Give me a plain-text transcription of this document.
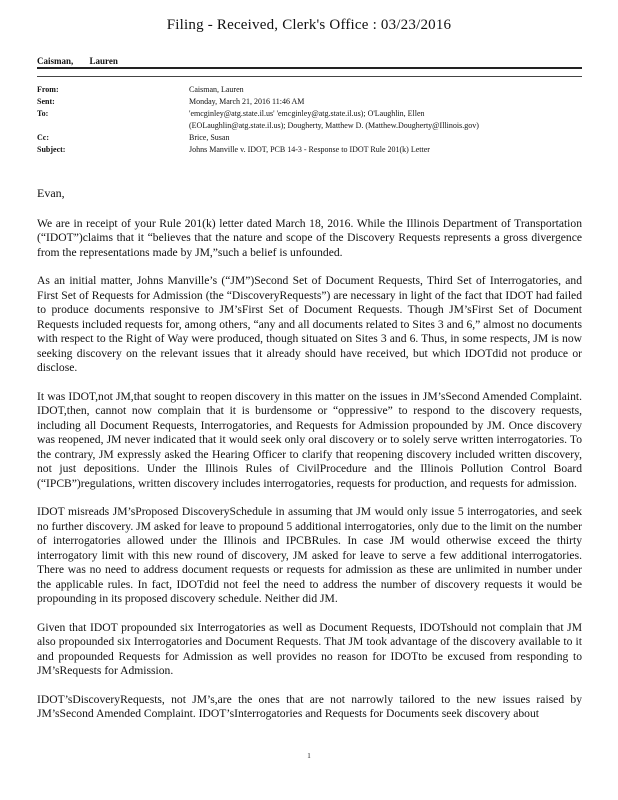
Filing - Received, Clerk's Office : 03/23/2016
Caisman, Lauren
From:	Caisman, Lauren
Sent:	Monday, March 21, 2016 11:46 AM
To:	'emcginley@atg.state.il.us' 'emcginley@atg.state.il.us); O'Laughlin, Ellen
(EOLaughlin@atg.state.il.us); Dougherty, Matthew D. (Matthew.Dougherty@Illinois.gov)
Cc:	Brice, Susan
Subject:	Johns Manville v. IDOT, PCB 14-3 - Response to IDOT Rule 201(k) Letter

Evan,

We are in receipt of your Rule 201(k) letter dated March 18, 2016. While the Illinois Department of Transportation (“IDOT”)claims that it “believes that the nature and scope of the Discovery Requests represents a gross divergence from the representations made by JM,”such a belief is unfounded.

As an initial matter, Johns Manville’s (“JM”)Second Set of Document Requests, Third Set of Interrogatories, and First Set of Requests for Admission (the “DiscoveryRequests”) are necessary in light of the fact that IDOT had failed to produce documents responsive to JM’sFirst Set of Document Requests. Though JM’sFirst Set of Document Requests included requests for, among others, “any and all documents related to Sites 3 and 6,” almost no documents with respect to the Right of Way were produced, though situated on Sites 3 and 6. Thus, in some respects, JM is now seeking discovery on the relevant issues that it already should have received, but which IDOTdid not produce or disclose.

It was IDOT,not JM,that sought to reopen discovery in this matter on the issues in JM’sSecond Amended Complaint. IDOT,then, cannot now complain that it is burdensome or “oppressive” to respond to the discovery requests, including all Document Requests, Interrogatories, and Requests for Admission propounded by JM. Once discovery was reopened, JM never indicated that it would seek only oral discovery or to solely serve written interrogatories. To the contrary, JM expressly asked the Hearing Officer to clarify that reopening discovery included written discovery, not just depositions. Under the Illinois Rules of CivilProcedure and the Illinois Pollution Control Board (“IPCB”)regulations, written discovery includes interrogatories, requests for production, and requests for admission.

IDOT misreads JM’sProposed DiscoverySchedule in assuming that JM would only issue 5 interrogatories, and seek no further discovery. JM asked for leave to propound 5 additional interrogatories, only due to the limit on the number of interrogatories allowed under the Illinois and IPCBRules. In case JM would otherwise exceed the thirty interrogatory limit with this new round of discovery, JM asked for leave to serve a few additional interrogatories. There was no need to address document requests or requests for admission as these are unlimited in number under the applicable rules. In fact, IDOTdid not feel the need to address the number of discovery requests it would be propounding in its proposed discovery schedule. Neither did JM.

Given that IDOT propounded six Interrogatories as well as Document Requests, IDOTshould not complain that JM also propounded six Interrogatories and Document Requests. That JM took advantage of the discovery available to it and propounded Requests for Admission as well provides no reason for IDOTto be excused from responding to JM’sRequests for Admission.

IDOT’sDiscoveryRequests, not JM’s,are the ones that are not narrowly tailored to the new issues raised by JM’sSecond Amended Complaint. IDOT’sInterrogatories and Requests for Documents seek discovery about

1
